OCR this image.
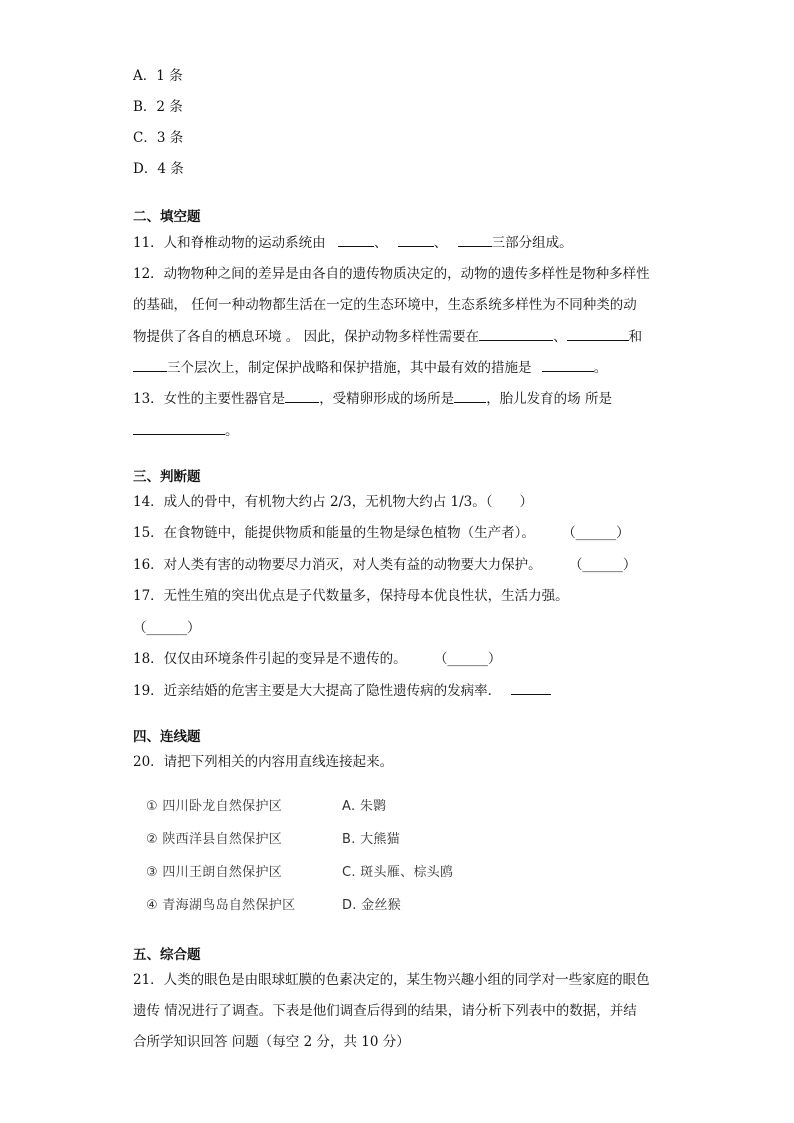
A．1 条
B．2 条
C．3 条
D．4 条
二、填空题
11．人和脊椎动物的运动系统由	、	、	三部分组成。
12．动物物种之间的差异是由各自的遗传物质决定的，动物的遗传多样性是物种多样性
的基础， 任何一种动物都生活在一定的生态环境中，生态系统多样性为不同种类的动
物提供了各自的栖息环境 。 因此，保护动物多样性需要在	、	和
三个层次上，制定保护战略和保护措施，其中最有效的措施是	。
13．女性的主要性器官是	，受精卵形成的场所是 ，胎儿发育的场 所是
。
三、判断题
14．成人的骨中，有机物大约占 2/3，无机物大约占 1/3。（　　）
15．在食物链中，能提供物质和能量的生物是绿色植物（生产者）。	（______）
16．对人类有害的动物要尽力消灭，对人类有益的动物要大力保护。	（______）
17．无性生殖的突出优点是子代数量多，保持母本优良性状，生活力强。
（______）
18．仅仅由环境条件引起的变异是不遗传的。	（______）
19．近亲结婚的危害主要是大大提高了隐性遗传病的发病率．
四、连线题
20．请把下列相关的内容用直线连接起来。
① 四川卧龙自然保护区	A. 朱鹮
② 陕西洋县自然保护区	B. 大熊猫
③ 四川王朗自然保护区	C. 斑头雁、棕头鸥
④ 青海湖鸟岛自然保护区	D. 金丝猴
五、综合题
21．人类的眼色是由眼球虹膜的色素决定的，某生物兴趣小组的同学对一些家庭的眼色
遗传 情况进行了调查。下表是他们调查后得到的结果，请分析下列表中的数据，并结
合所学知识回答 问题（每空 2 分，共 10 分）
